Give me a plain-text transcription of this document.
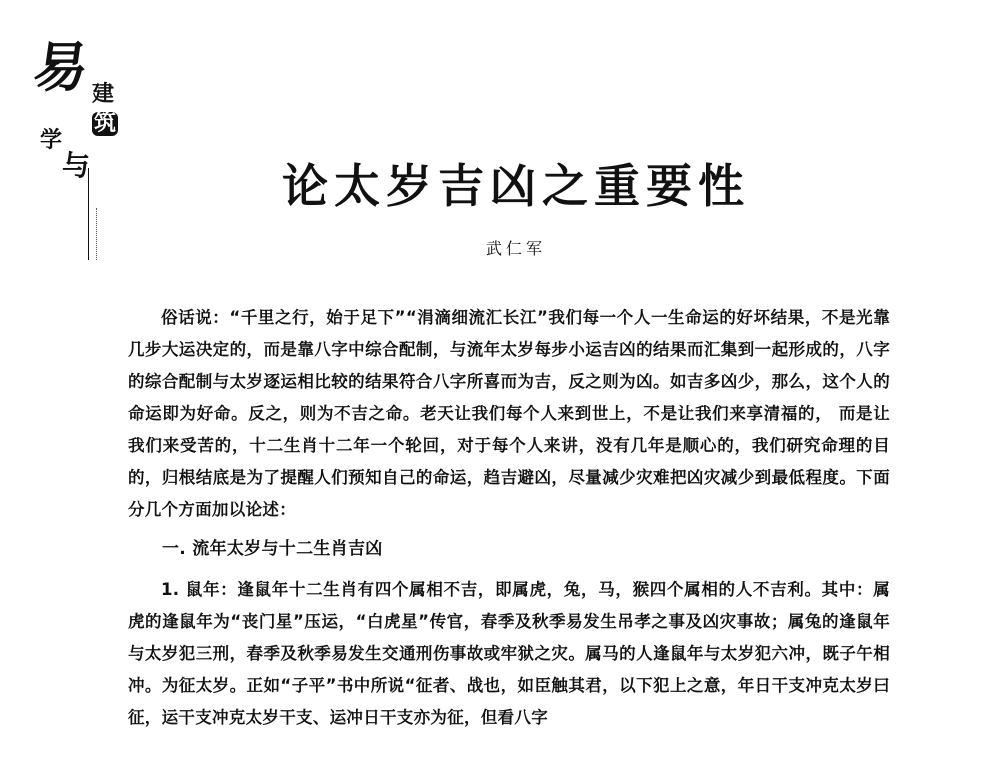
易 建
筑
学
与	论太岁吉凶之重要性
武仁军

俗话说：“千里之行，始于足下”“涓滴细流汇长江”我们每一个人一生命运的好坏结果，不是光靠几步大运决定的，而是靠八字中综合配制，与流年太岁每步小运吉凶的结果而汇集到一起形成的，八字的综合配制与太岁逐运相比较的结果符合八字所喜而为吉，反之则为凶。如吉多凶少，那么，这个人的命运即为好命。反之，则为不吉之命。老天让我们每个人来到世上，不是让我们来享清福的， 而是让我们来受苦的，十二生肖十二年一个轮回，对于每个人来讲，没有几年是顺心的，我们研究命理的目的，归根结底是为了提醒人们预知自己的命运，趋吉避凶，尽量减少灾难把凶灾减少到最低程度。下面分几个方面加以论述：

一. 流年太岁与十二生肖吉凶

1. 鼠年：逢鼠年十二生肖有四个属相不吉，即属虎，兔，马，猴四个属相的人不吉利。其中：属虎的逢鼠年为“丧门星”压运，“白虎星”传官，春季及秋季易发生吊孝之事及凶灾事故；属兔的逢鼠年与太岁犯三刑，春季及秋季易发生交通刑伤事故或牢狱之灾。属马的人逢鼠年与太岁犯六冲，既子午相冲。为征太岁。正如“子平”书中所说“征者、战也，如臣触其君，以下犯上之意，年日干支冲克太岁曰征，运干支冲克太岁干支、运冲日干支亦为征，但看八字
